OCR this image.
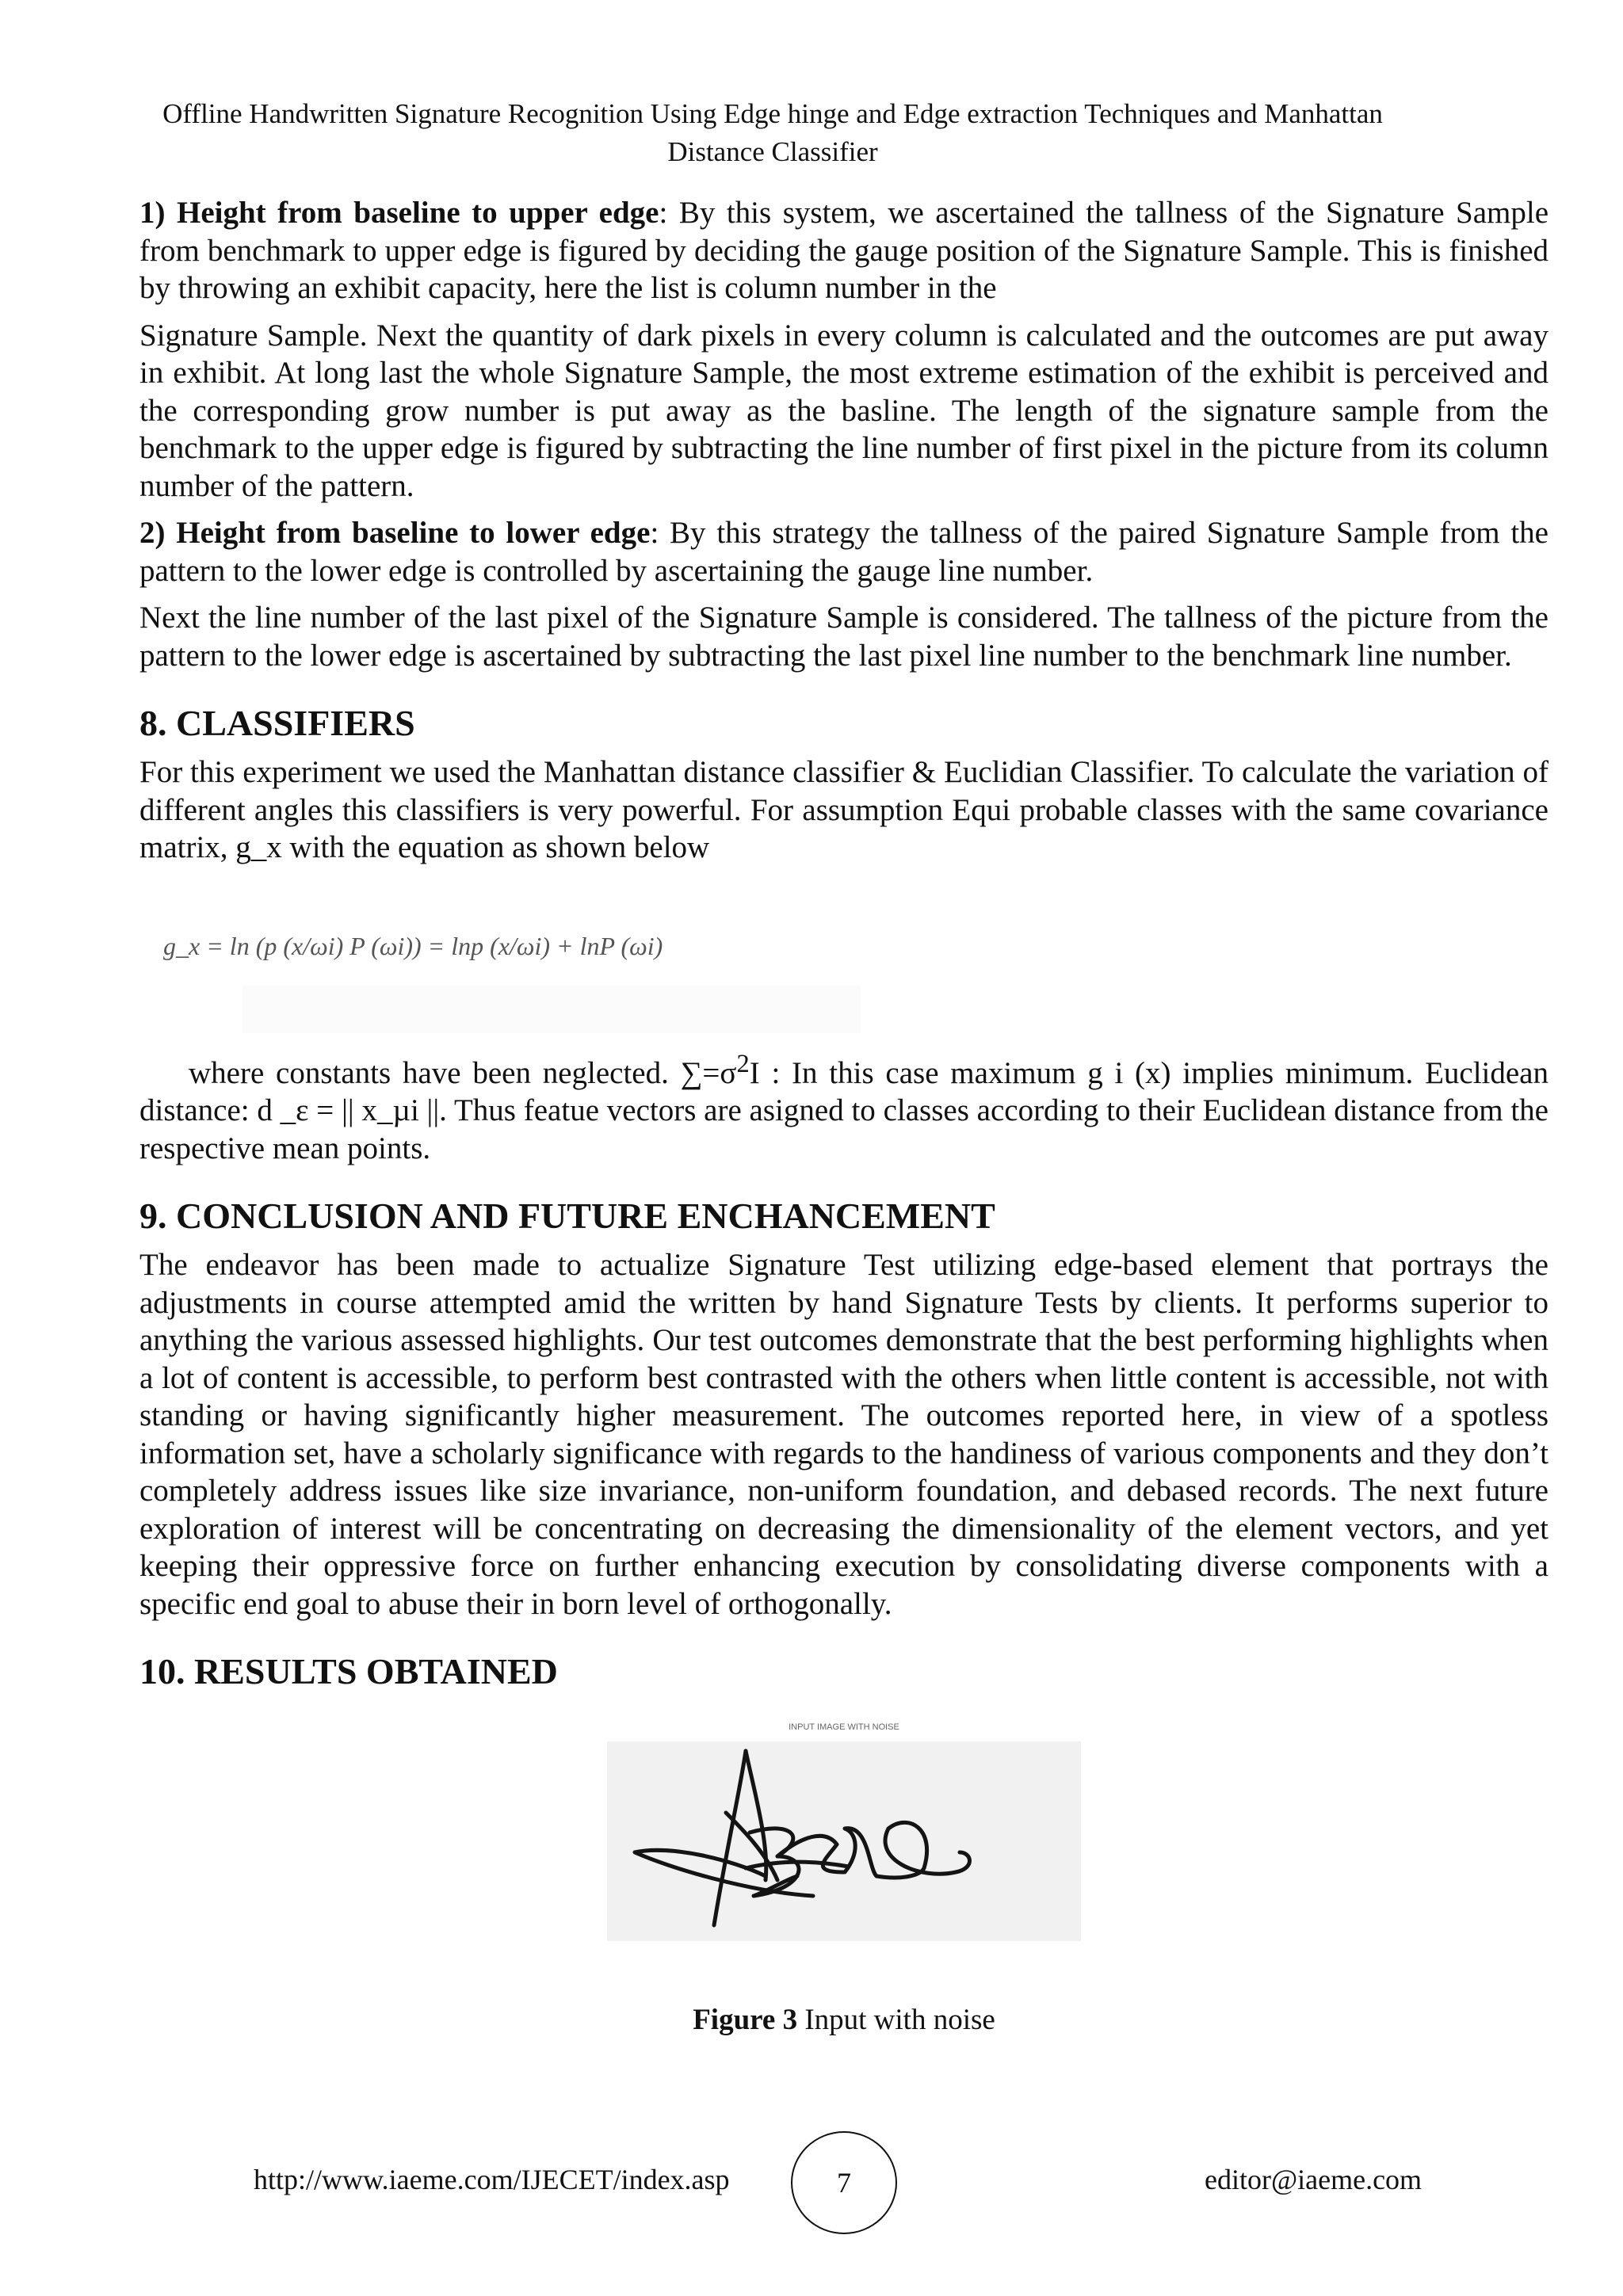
Offline Handwritten Signature Recognition Using Edge hinge and Edge extraction Techniques and Manhattan
Distance Classifier

1) Height from baseline to upper edge: By this system, we ascertained the tallness of the Signature Sample from benchmark to upper edge is figured by deciding the gauge position of the Signature Sample. This is finished by throwing an exhibit capacity, here the list is column number in the

Signature Sample. Next the quantity of dark pixels in every column is calculated and the outcomes are put away in exhibit. At long last the whole Signature Sample, the most extreme estimation of the exhibit is perceived and the corresponding grow number is put away as the basline. The length of the signature sample from the benchmark to the upper edge is figured by subtracting the line number of first pixel in the picture from its column number of the pattern.

2) Height from baseline to lower edge: By this strategy the tallness of the paired Signature Sample from the pattern to the lower edge is controlled by ascertaining the gauge line number.

Next the line number of the last pixel of the Signature Sample is considered. The tallness of the picture from the pattern to the lower edge is ascertained by subtracting the last pixel line number to the benchmark line number.

8. CLASSIFIERS

For this experiment we used the Manhattan distance classifier & Euclidian Classifier. To calculate the variation of different angles this classifiers is very powerful. For assumption Equi probable classes with the same covariance matrix, g_x with the equation as shown below

g_x = ln (p (x/ωi) P (ωi)) = lnp (x/ωi) + lnP (ωi)

where constants have been neglected. $\sum=\sigma^2I$ : In this case maximum g i (x) implies minimum. Euclidean distance: d _ε = || x_µi ||. Thus featue vectors are asigned to classes according to their Euclidean distance from the respective mean points.

9. CONCLUSION AND FUTURE ENCHANCEMENT

The endeavor has been made to actualize Signature Test utilizing edge-based element that portrays the adjustments in course attempted amid the written by hand Signature Tests by clients. It performs superior to anything the various assessed highlights. Our test outcomes demonstrate that the best performing highlights when a lot of content is accessible, to perform best contrasted with the others when little content is accessible, not with standing or having significantly higher measurement. The outcomes reported here, in view of a spotless information set, have a scholarly significance with regards to the handiness of various components and they don’t completely address issues like size invariance, non-uniform foundation, and debased records. The next future exploration of interest will be concentrating on decreasing the dimensionality of the element vectors, and yet keeping their oppressive force on further enhancing execution by consolidating diverse components with a specific end goal to abuse their in born level of orthogonally.

10. RESULTS OBTAINED
INPUT IMAGE WITH NOISE
Figure 3 Input with noise
http://www.iaeme.com/IJECET/index.asp	7	editor@iaeme.com
